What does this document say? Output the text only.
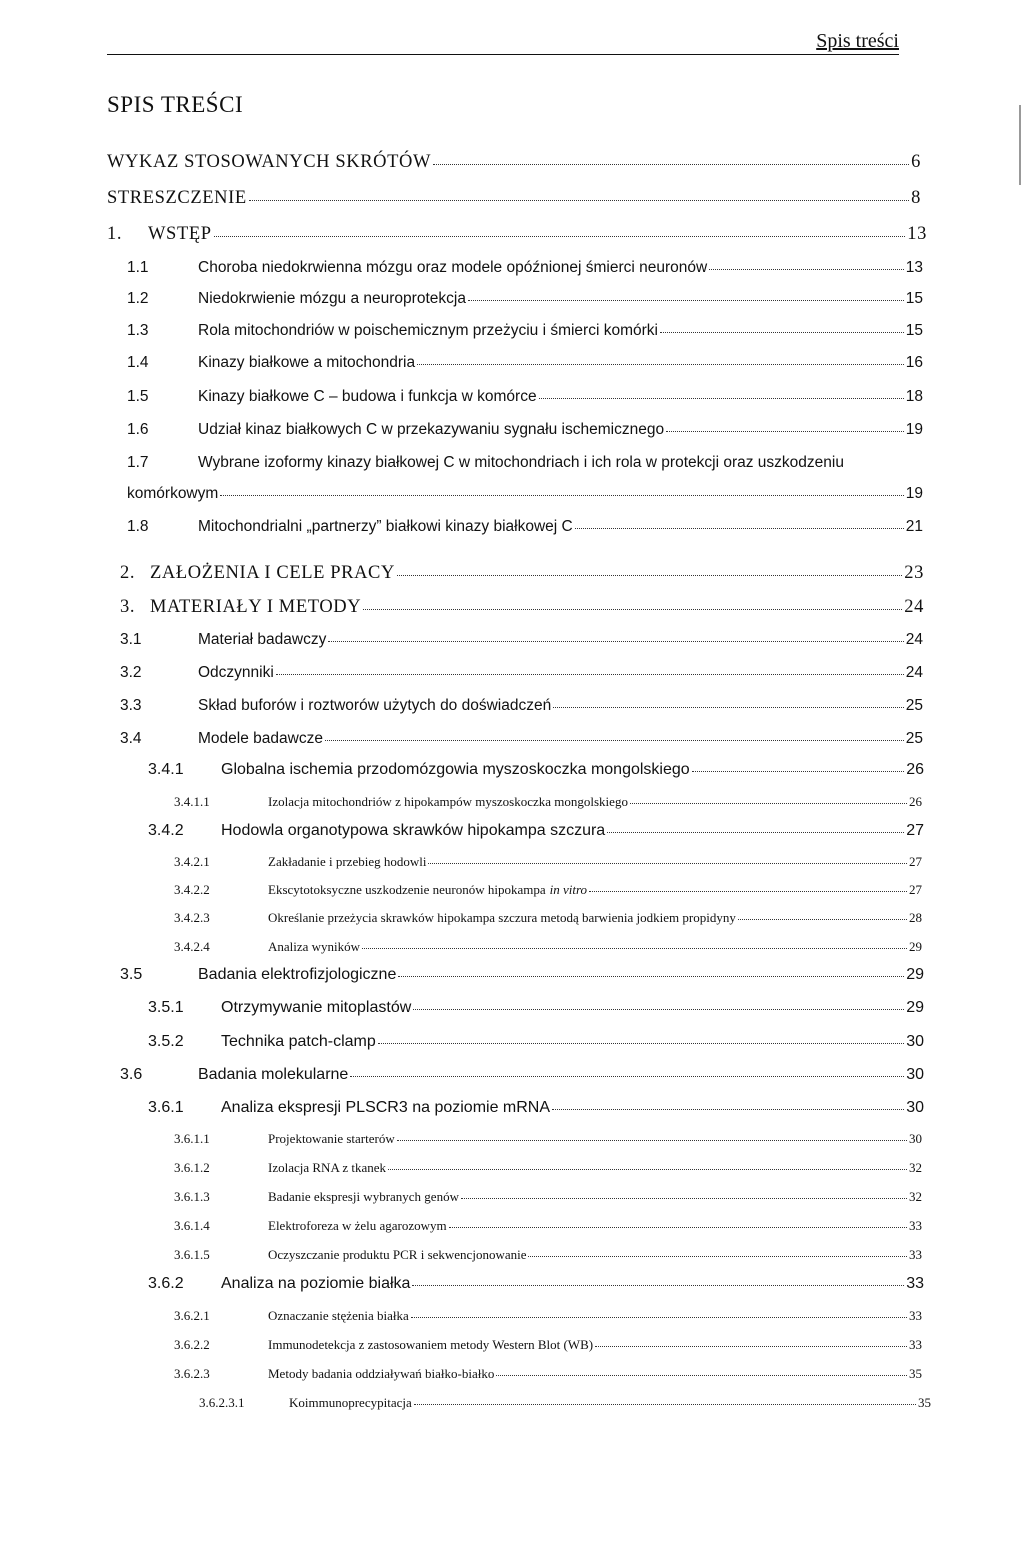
Spis treści
SPIS TREŚCI
WYKAZ STOSOWANYCH SKRÓTÓW	6
STRESZCZENIE	8
1.	WSTĘP	13
1.1	Choroba niedokrwienna mózgu oraz modele opóźnionej śmierci neuronów	13
1.2	Niedokrwienie mózgu a neuroprotekcja	15
1.3	Rola mitochondriów w poischemicznym przeżyciu i śmierci komórki	15
1.4	Kinazy białkowe a mitochondria	16
1.5	Kinazy białkowe C – budowa i funkcja w komórce	18
1.6	Udział kinaz białkowych C w przekazywaniu sygnału ischemicznego	19
1.7	Wybrane izoformy kinazy białkowej C w mitochondriach i ich rola w protekcji oraz uszkodzeniu
komórkowym	19
1.8	Mitochondrialni „partnerzy” białkowi kinazy białkowej C	21
2. ZAŁOŻENIA I CELE PRACY	23
3. MATERIAŁY I METODY	24
3.1	Materiał badawczy	24
3.2	Odczynniki	24
3.3	Skład buforów i roztworów użytych do doświadczeń	25
3.4	Modele badawcze	25
3.4.1	Globalna ischemia przodomózgowia myszoskoczka mongolskiego	26
3.4.1.1	Izolacja mitochondriów z hipokampów myszoskoczka mongolskiego	26
3.4.2	Hodowla organotypowa skrawków hipokampa szczura	27
3.4.2.1	Zakładanie i przebieg hodowli	27
3.4.2.2	Ekscytotoksyczne uszkodzenie neuronów hipokampa in vitro	27
3.4.2.3	Określanie przeżycia skrawków hipokampa szczura metodą barwienia jodkiem propidyny	28
3.4.2.4	Analiza wyników	29
3.5	Badania elektrofizjologiczne	29
3.5.1	Otrzymywanie mitoplastów	29
3.5.2	Technika patch-clamp	30
3.6	Badania molekularne	30
3.6.1	Analiza ekspresji PLSCR3 na poziomie mRNA	30
3.6.1.1	Projektowanie starterów	30
3.6.1.2	Izolacja RNA z tkanek	32
3.6.1.3	Badanie ekspresji wybranych genów	32
3.6.1.4	Elektroforeza w żelu agarozowym	33
3.6.1.5	Oczyszczanie produktu PCR i sekwencjonowanie	33
3.6.2	Analiza na poziomie białka	33
3.6.2.1	Oznaczanie stężenia białka	33
3.6.2.2	Immunodetekcja z zastosowaniem metody Western Blot (WB)	33
3.6.2.3	Metody badania oddziaływań białko-białko	35
3.6.2.3.1	Koimmunoprecypitacja	35
